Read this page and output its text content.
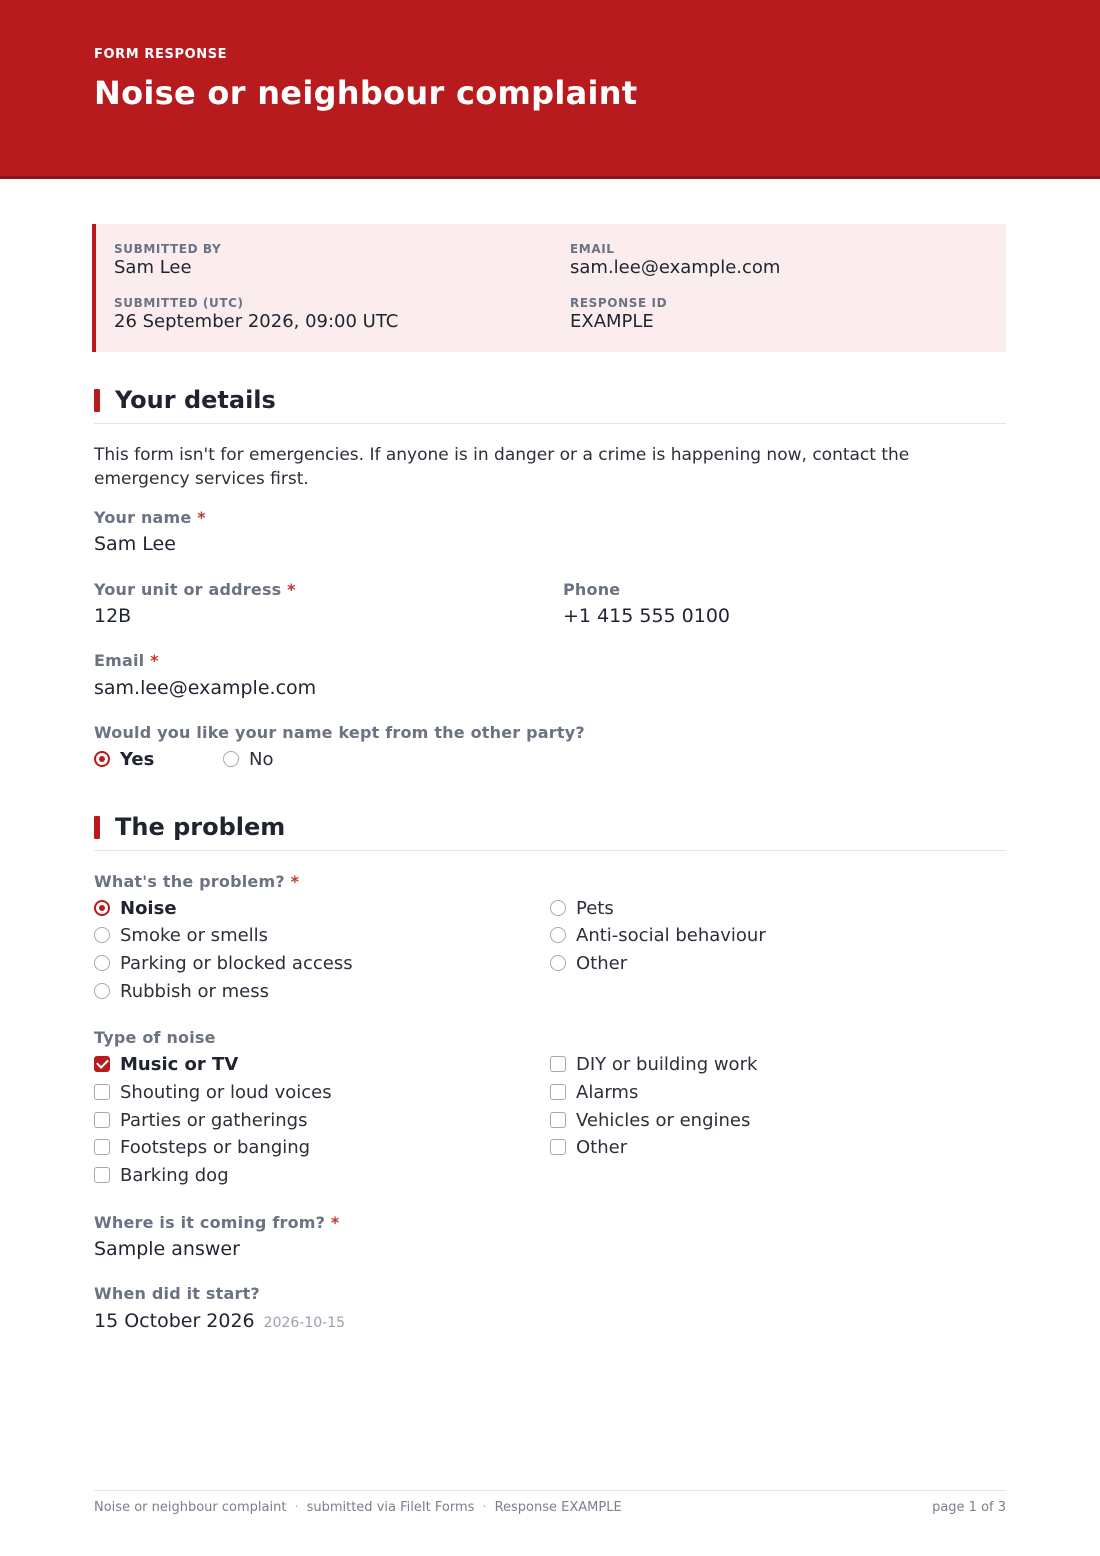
FORM RESPONSE
Noise or neighbour complaint
SUBMITTED BY
Sam Lee
EMAIL
sam.lee@example.com
SUBMITTED (UTC)
26 September 2026, 09:00 UTC
RESPONSE ID
EXAMPLE
Your details
This form isn't for emergencies. If anyone is in danger or a crime is happening now, contact the emergency services first.
Your name *
Sam Lee
Your unit or address *
12B
Phone
+1 415 555 0100
Email *
sam.lee@example.com
Would you like your name kept from the other party?
Yes	No
The problem
What's the problem? *
Noise
Smoke or smells
Parking or blocked access
Rubbish or mess
Pets
Anti-social behaviour
Other
Type of noise
Music or TV
Shouting or loud voices
Parties or gatherings
Footsteps or banging
Barking dog
DIY or building work
Alarms
Vehicles or engines
Other
Where is it coming from? *
Sample answer
When did it start?
15 October 2026 2026-10-15
Noise or neighbour complaint · submitted via FileIt Forms · Response EXAMPLE	page 1 of 3
